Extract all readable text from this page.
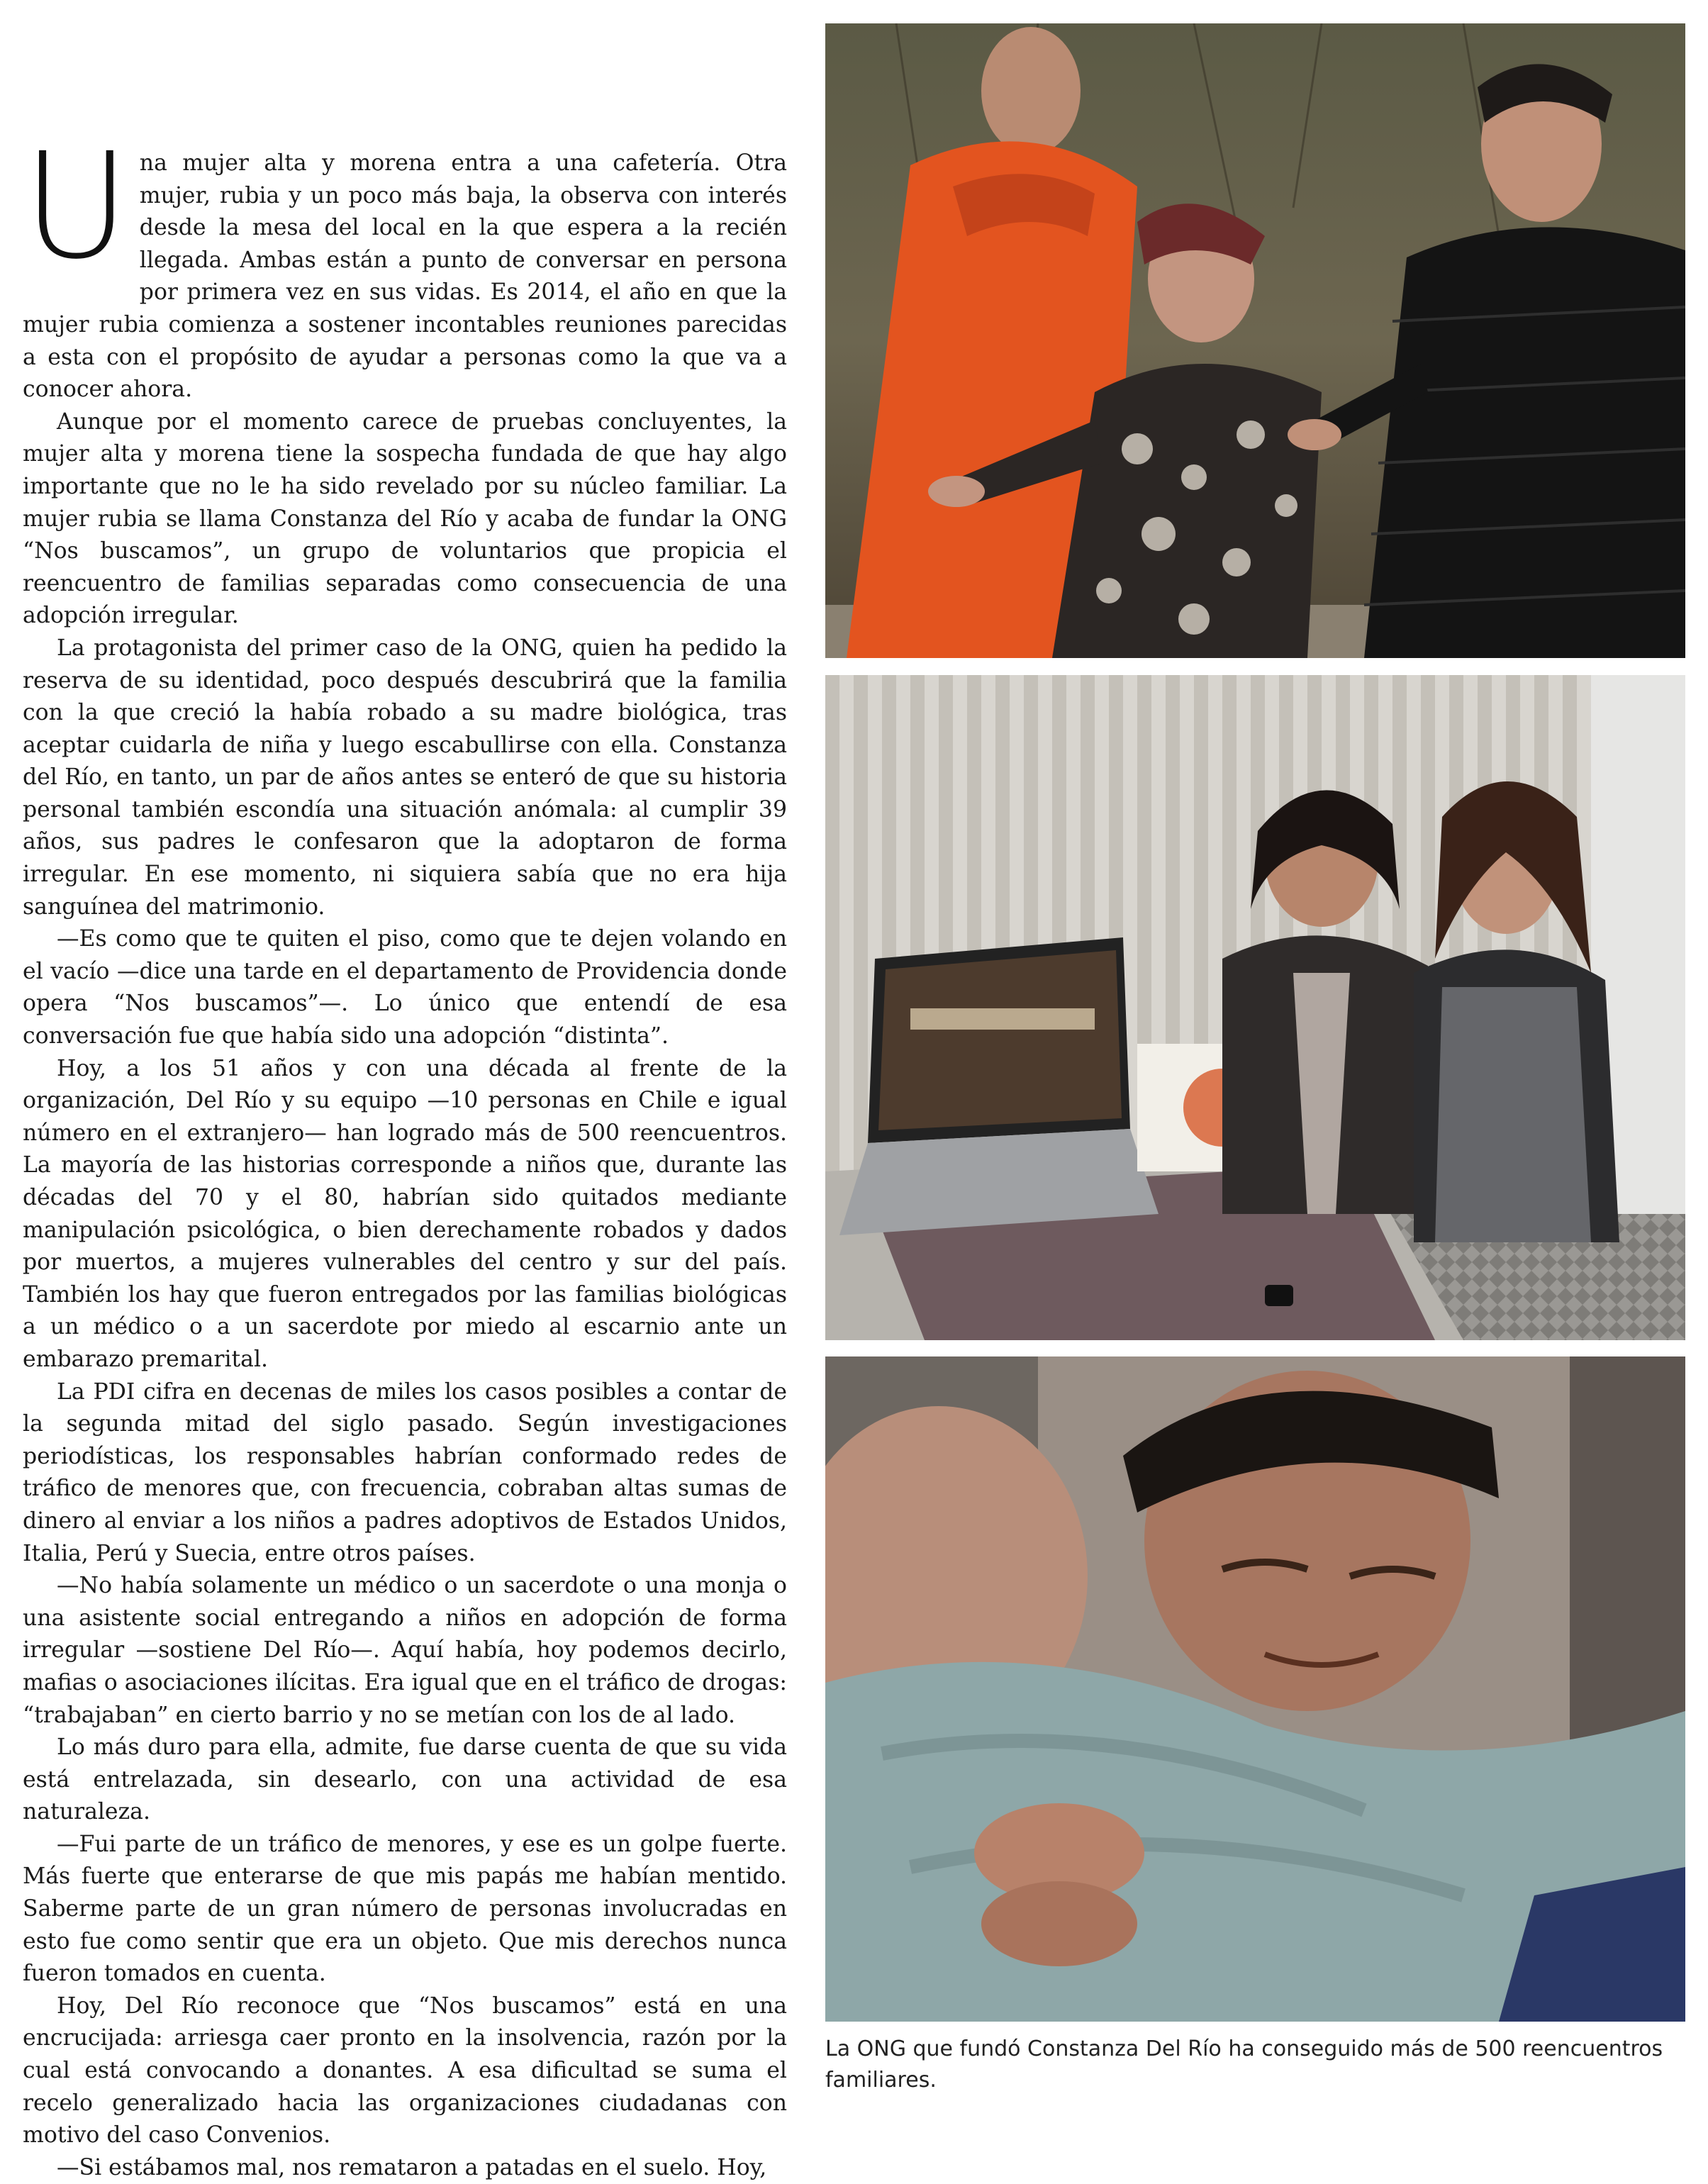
Una mujer alta y morena entra a una cafetería. Otra mujer, rubia y un poco más baja, la observa con interés desde la mesa del local en la que espera a la recién llegada. Ambas están a punto de conversar en persona por primera vez en sus vidas. Es 2014, el año en que la mujer rubia comienza a sostener incontables reuniones parecidas a esta con el propósito de ayudar a personas como la que va a conocer ahora.

Aunque por el momento carece de pruebas concluyentes, la mujer alta y morena tiene la sospecha fundada de que hay algo importante que no le ha sido revelado por su núcleo familiar. La mujer rubia se llama Constanza del Río y acaba de fundar la ONG “Nos buscamos”, un grupo de voluntarios que propicia el reencuentro de familias separadas como consecuencia de una adopción irregular.

La protagonista del primer caso de la ONG, quien ha pedido la reserva de su identidad, poco después descubrirá que la familia con la que creció la había robado a su madre biológica, tras aceptar cuidarla de niña y luego escabullirse con ella. Constanza del Río, en tanto, un par de años antes se enteró de que su historia personal también escondía una situación anómala: al cumplir 39 años, sus padres le confesaron que la adoptaron de forma irregular. En ese momento, ni siquiera sabía que no era hija sanguínea del matrimonio.

—Es como que te quiten el piso, como que te dejen volando en el vacío —dice una tarde en el departamento de Providencia donde opera “Nos buscamos”—. Lo único que entendí de esa conversación fue que había sido una adopción “distinta”.

Hoy, a los 51 años y con una década al frente de la organización, Del Río y su equipo —10 personas en Chile e igual número en el extranjero— han logrado más de 500 reencuentros. La mayoría de las historias corresponde a niños que, durante las décadas del 70 y el 80, habrían sido quitados mediante manipulación psicológica, o bien derechamente robados y dados por muertos, a mujeres vulnerables del centro y sur del país. También los hay que fueron entregados por las familias biológicas a un médico o a un sacerdote por miedo al escarnio ante un embarazo premarital.

La PDI cifra en decenas de miles los casos posibles a contar de la segunda mitad del siglo pasado. Según investigaciones periodísticas, los responsables habrían conformado redes de tráfico de menores que, con frecuencia, cobraban altas sumas de dinero al enviar a los niños a padres adoptivos de Estados Unidos, Italia, Perú y Suecia, entre otros países.

—No había solamente un médico o un sacerdote o una monja o una asistente social entregando a niños en adopción de forma irregular —sostiene Del Río—. Aquí había, hoy podemos decirlo, mafias o asociaciones ilícitas. Era igual que en el tráfico de drogas: “trabajaban” en cierto barrio y no se metían con los de al lado.

Lo más duro para ella, admite, fue darse cuenta de que su vida está entrelazada, sin desearlo, con una actividad de esa naturaleza.

—Fui parte de un tráfico de menores, y ese es un golpe fuerte. Más fuerte que enterarse de que mis papás me habían mentido. Saberme parte de un gran número de personas involucradas en esto fue como sentir que era un objeto. Que mis derechos nunca fueron tomados en cuenta.

Hoy, Del Río reconoce que “Nos buscamos” está en una encrucijada: arriesga caer pronto en la insolvencia, razón por la cual está convocando a donantes. A esa dificultad se suma el recelo generalizado hacia las organizaciones ciudadanas con motivo del caso Convenios.

—Si estábamos mal, nos remataron a patadas en el suelo. Hoy,

La ONG que fundó Constanza Del Río ha conseguido más de 500 reencuentros familiares.
